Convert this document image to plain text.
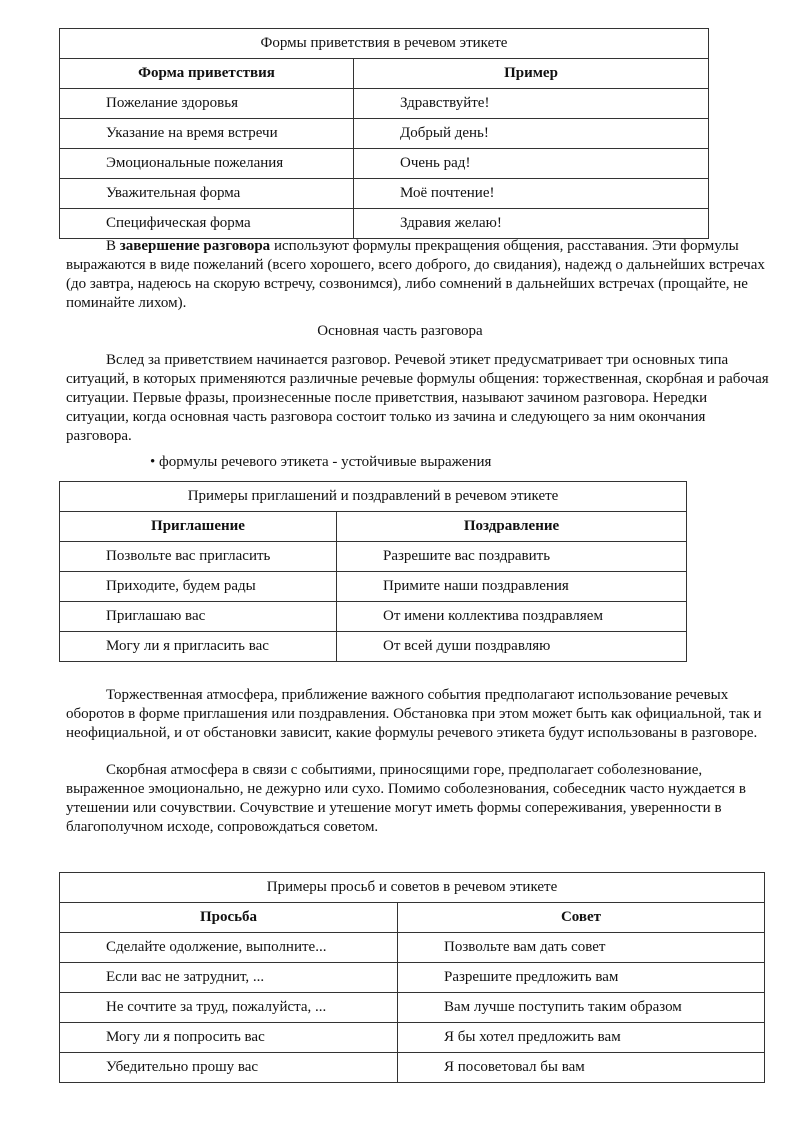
Формы приветствия в речевом этикете	
Форма приветствия	Пример
Пожелание здоровья	Здравствуйте!
Указание на время встречи	Добрый день!
Эмоциональные пожелания	Очень рад!
Уважительная форма	Моё почтение!
Специфическая форма	Здравия желаю!

В завершение разговора используют формулы прекращения общения, расставания. Эти формулы выражаются в виде пожеланий (всего хорошего, всего доброго, до свидания), надежд о дальнейших встречах (до завтра, надеюсь на скорую встречу, созвонимся), либо сомнений в дальнейших встречах (прощайте, не поминайте лихом).

Основная часть разговора

Вслед за приветствием начинается разговор. Речевой этикет предусматривает три основных типа ситуаций, в которых применяются различные речевые формулы общения: торжественная, скорбная и рабочая ситуации. Первые фразы, произнесенные после приветствия, называют зачином разговора. Нередки ситуации, когда основная часть разговора состоит только из зачина и следующего за ним окончания разговора.

• формулы речевого этикета - устойчивые выражения
Примеры приглашений и поздравлений в речевом этикете	
Приглашение	Поздравление
Позвольте вас пригласить	Разрешите вас поздравить
Приходите, будем рады	Примите наши поздравления
Приглашаю вас	От имени коллектива поздравляем
Могу ли я пригласить вас	От всей души поздравляю

Торжественная атмосфера, приближение важного события предполагают использование речевых оборотов в форме приглашения или поздравления. Обстановка при этом может быть как официальной, так и неофициальной, и от обстановки зависит, какие формулы речевого этикета будут использованы в разговоре.

Скорбная атмосфера в связи с событиями, приносящими горе, предполагает соболезнование, выраженное эмоционально, не дежурно или сухо. Помимо соболезнования, собеседник часто нуждается в утешении или сочувствии. Сочувствие и утешение могут иметь формы сопереживания, уверенности в благополучном исходе, сопровождаться советом.

Примеры просьб и советов в речевом этикете	
Просьба	Совет
Сделайте одолжение, выполните...	Позвольте вам дать совет
Если вас не затруднит, ...	Разрешите предложить вам
Не сочтите за труд, пожалуйста, ...	Вам лучше поступить таким образом
Могу ли я попросить вас	Я бы хотел предложить вам
Убедительно прошу вас	Я посоветовал бы вам
